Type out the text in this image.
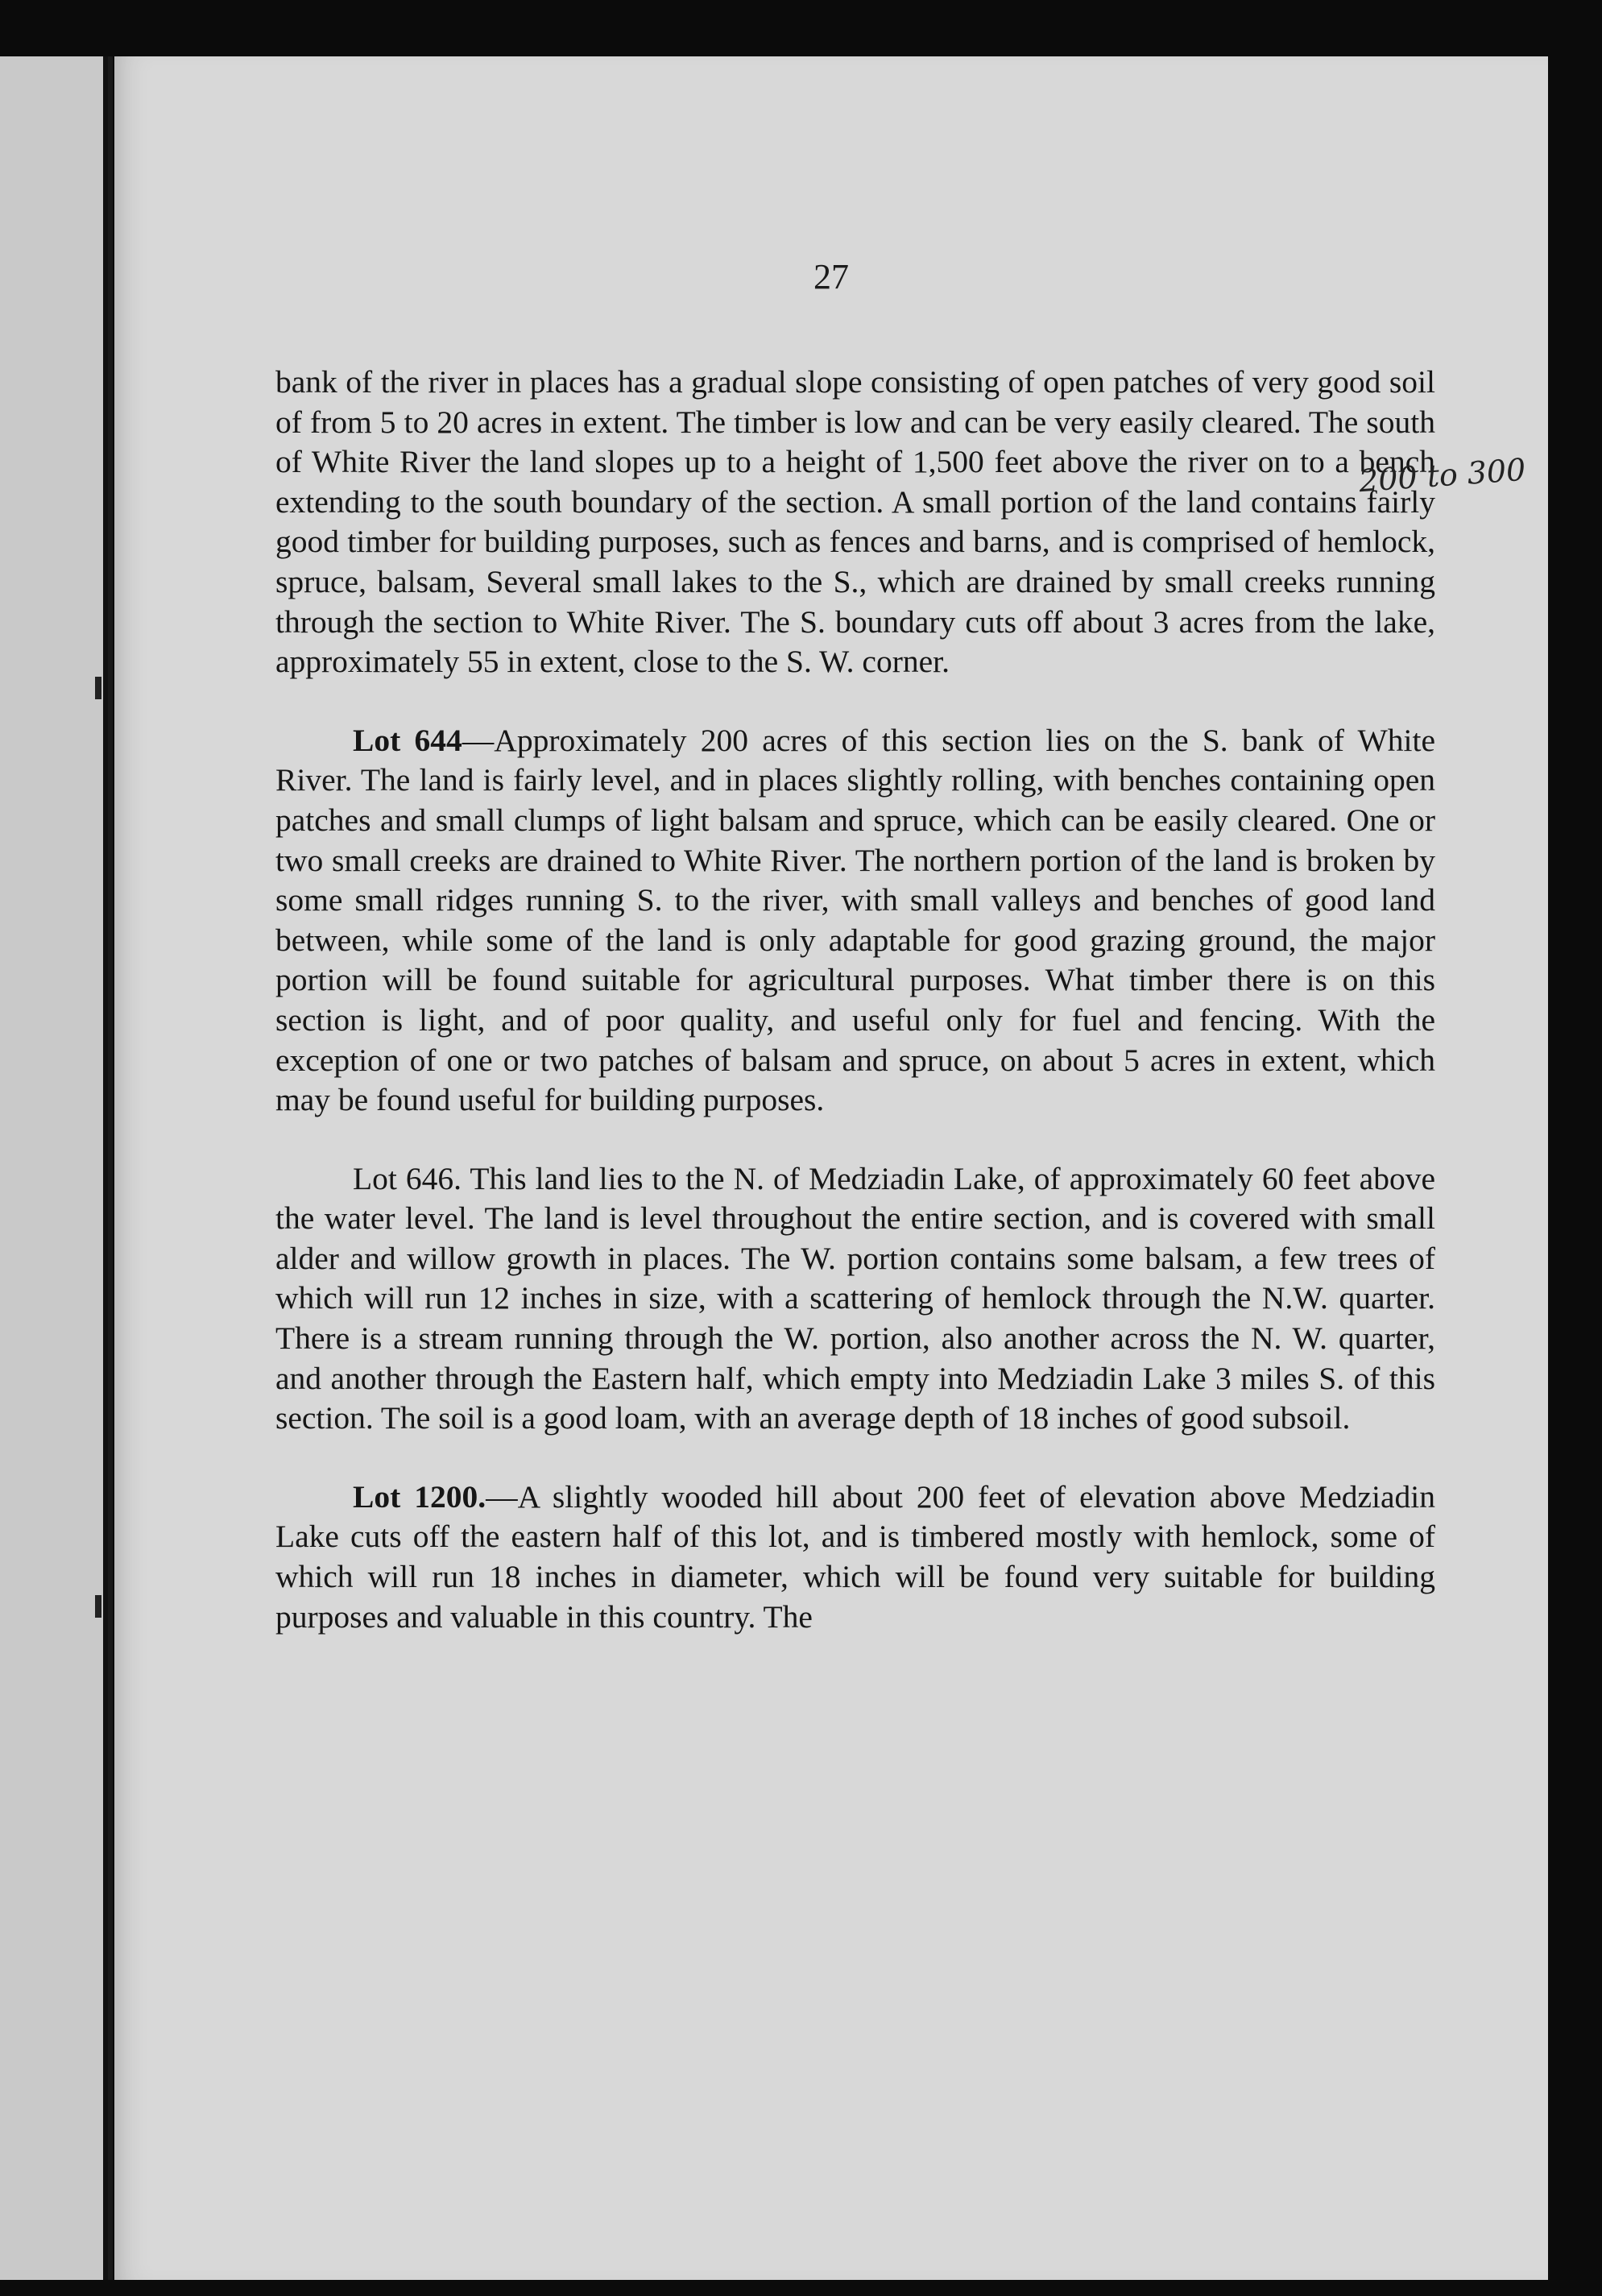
27

bank of the river in places has a gradual slope consisting of open patches of very good soil of from 5 to 20 acres in extent. The timber is low and can be very easily cleared. The south of White River the land slopes up to a height of 1,500 feet above the river on to a bench extending to the south boundary of the section. A small portion of the land contains fairly good timber for building purposes, such as fences and barns, and is comprised of hemlock, spruce, balsam, Several small lakes to the S., which are drained by small creeks running through the section to White River. The S. boundary cuts off about 3 acres from the lake, approximately 55 in extent, close to the S. W. corner.

Lot 644—Approximately 200 acres of this section lies on the S. bank of White River. The land is fairly level, and in places slightly rolling, with benches containing open patches and small clumps of light balsam and spruce, which can be easily cleared. One or two small creeks are drained to White River. The northern portion of the land is broken by some small ridges running S. to the river, with small valleys and benches of good land between, while some of the land is only adaptable for good grazing ground, the major portion will be found suitable for agricultural purposes. What timber there is on this section is light, and of poor quality, and useful only for fuel and fencing. With the exception of one or two patches of balsam and spruce, on about 5 acres in extent, which may be found useful for building purposes.

Lot 646. This land lies to the N. of Medziadin Lake, of approximately 60 feet above the water level. The land is level throughout the entire section, and is covered with small alder and willow growth in places. The W. portion contains some balsam, a few trees of which will run 12 inches in size, with a scattering of hemlock through the N.W. quarter. There is a stream running through the W. portion, also another across the N. W. quarter, and another through the Eastern half, which empty into Medziadin Lake 3 miles S. of this section. The soil is a good loam, with an average depth of 18 inches of good subsoil.

Lot 1200.—A slightly wooded hill about 200 feet of elevation above Medziadin Lake cuts off the eastern half of this lot, and is timbered mostly with hemlock, some of which will run 18 inches in diameter, which will be found very suitable for building purposes and valuable in this country. The

200 to 300
